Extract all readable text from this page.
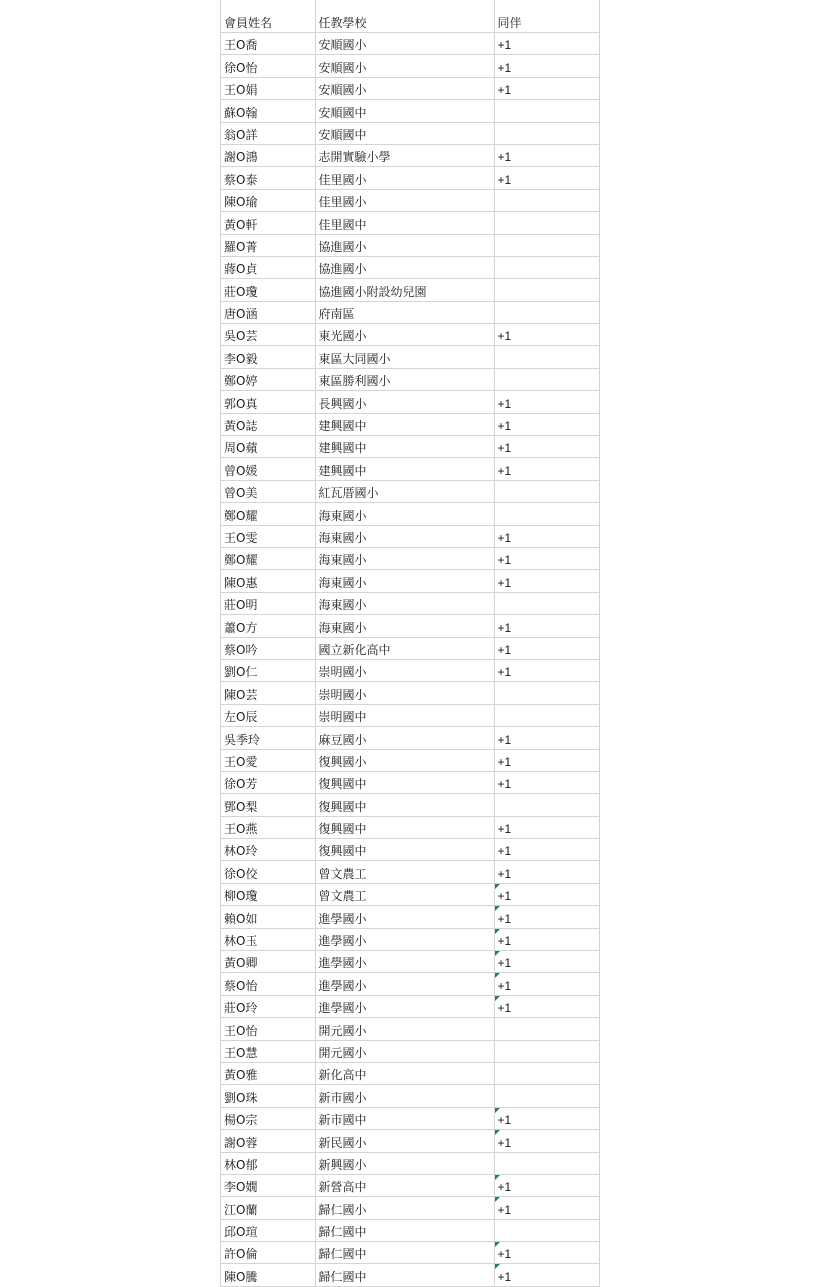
會員姓名	任教學校	同伴
王O喬	安順國小	+1
徐O怡	安順國小	+1
王O娟	安順國小	+1
蘇O翰	安順國中	
翁O詳	安順國中	
謝O鴻	志開實驗小學	+1
蔡O泰	佳里國小	+1
陳O瑜	佳里國小	
黃O軒	佳里國中	
羅O菁	協進國小	
蔣O貞	協進國小	
莊O瓊	協進國小附設幼兒園	
唐O涵	府南區	
吳O芸	東光國小	+1
李O毅	東區大同國小	
鄭O婷	東區勝利國小	
郭O真	長興國小	+1
黃O誌	建興國中	+1
周O蘋	建興國中	+1
曾O媛	建興國中	+1
曾O美	紅瓦厝國小	
鄭O耀	海東國小	
王O雯	海東國小	+1
鄭O耀	海東國小	+1
陳O惠	海東國小	+1
莊O明	海東國小	
蕭O方	海東國小	+1
蔡O吟	國立新化高中	+1
劉O仁	崇明國小	+1
陳O芸	崇明國小	
左O辰	崇明國中	
吳季玲	麻豆國小	+1
王O愛	復興國小	+1
徐O芳	復興國中	+1
鄧O梨	復興國中	
王O燕	復興國中	+1
林O玲	復興國中	+1
徐O佼	曾文農工	+1
柳O瓊	曾文農工	+1

賴O如	進學國小	+1

林O玉	進學國小	+1

黃O卿	進學國小	+1

蔡O怡	進學國小	+1

莊O玲	進學國小	+1

王O怡	開元國小	
王O慧	開元國小	
黃O雅	新化高中	
劉O珠	新市國小	
楊O宗	新市國中	+1

謝O蓉	新民國小	+1

林O郁	新興國小	
李O嫺	新營高中	+1

江O蘭	歸仁國小	+1

邱O瑄	歸仁國中	
許O倫	歸仁國中	+1

陳O騰	歸仁國中	+1
